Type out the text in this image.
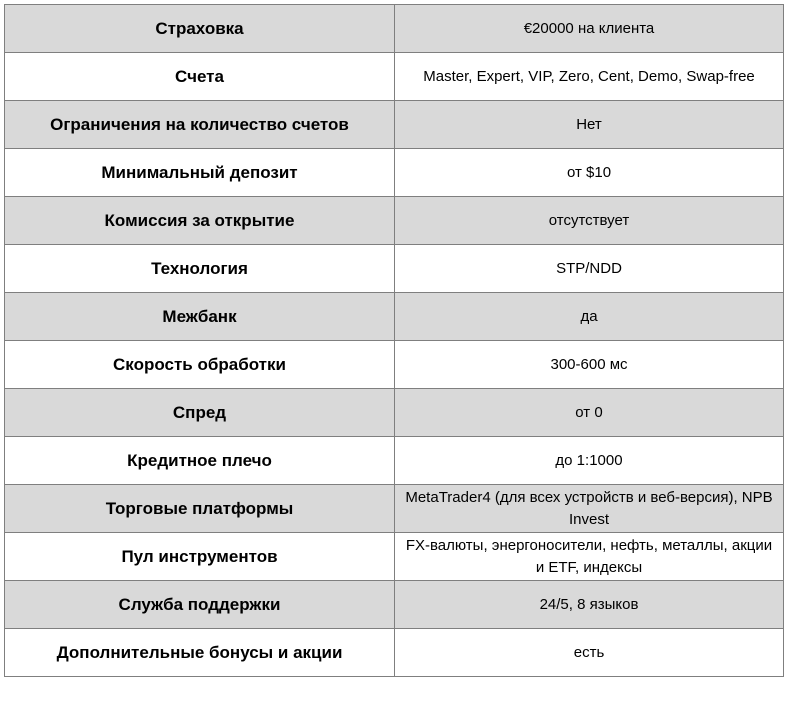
Страховка	€20000 на клиента
Счета	Master, Expert, VIP, Zero, Cent, Demo, Swap-free
Ограничения на количество счетов	Нет
Минимальный депозит	от $10
Комиссия за открытие	отсутствует
Технология	STP/NDD
Межбанк	да
Скорость обработки	300-600 мс
Спред	от 0
Кредитное плечо	до 1:1000
Торговые платформы	MetaTrader4 (для всех устройств и веб-версия), NPB Invest
Пул инструментов	FX-валюты, энергоносители, нефть, металлы, акции и ETF, индексы
Служба поддержки	24/5, 8 языков
Дополнительные бонусы и акции	есть
